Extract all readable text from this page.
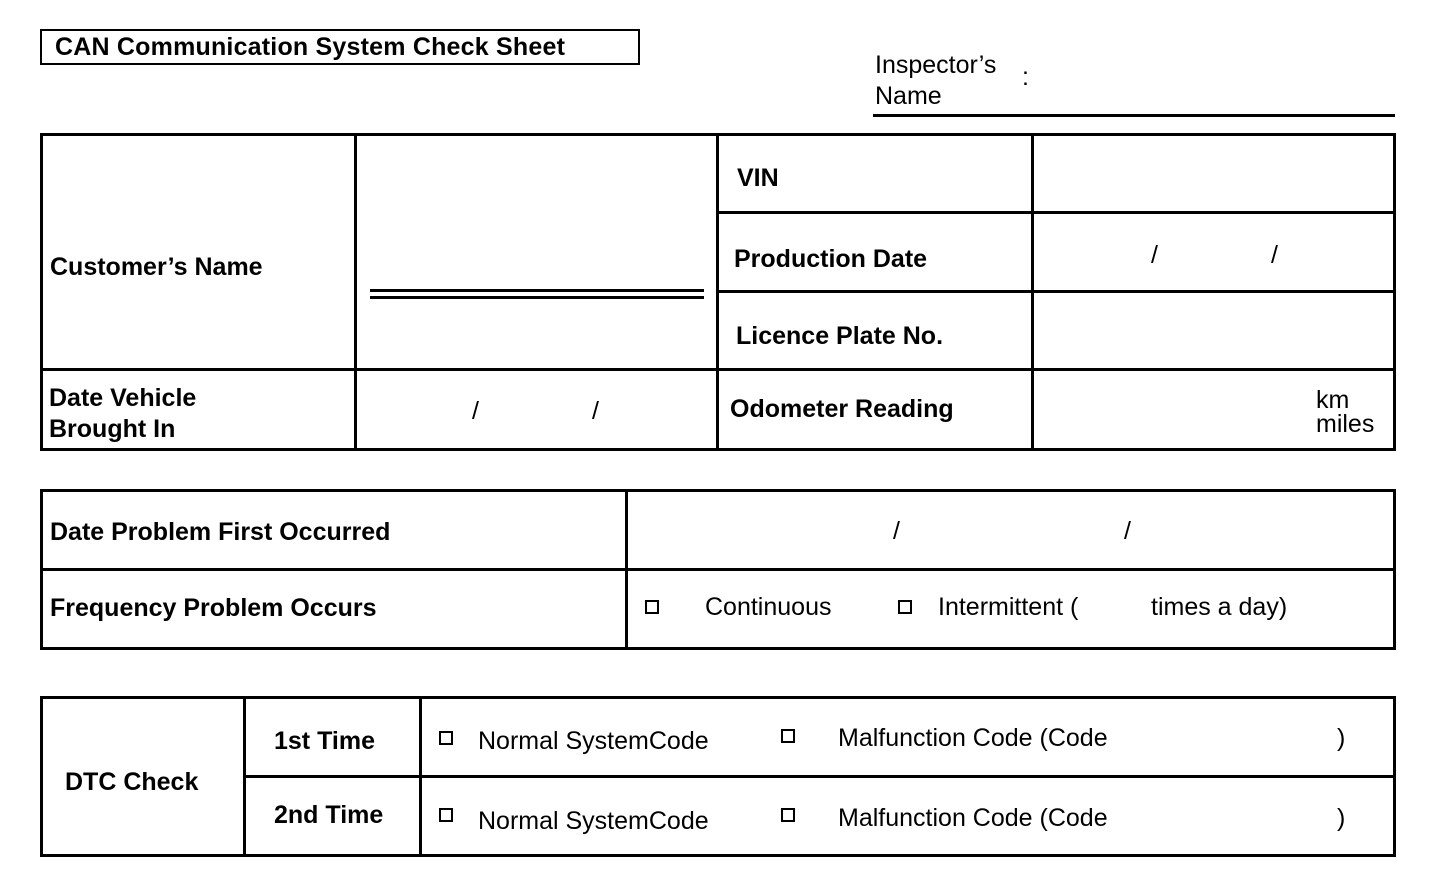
CAN Communication System Check Sheet
Inspector’s
Name
:
Customer’s Name
VIN
Production Date	/	/
Licence Plate No.
Date Vehicle
Brought In
/	/	Odometer Reading	km
miles
Date Problem First Occurred	/	/
Frequency Problem Occurs	Continuous	Intermittent (	times a day)
DTC Check
1st Time	Normal SystemCode	Malfunction Code (Code	)
2nd Time	Normal SystemCode	Malfunction Code (Code	)
